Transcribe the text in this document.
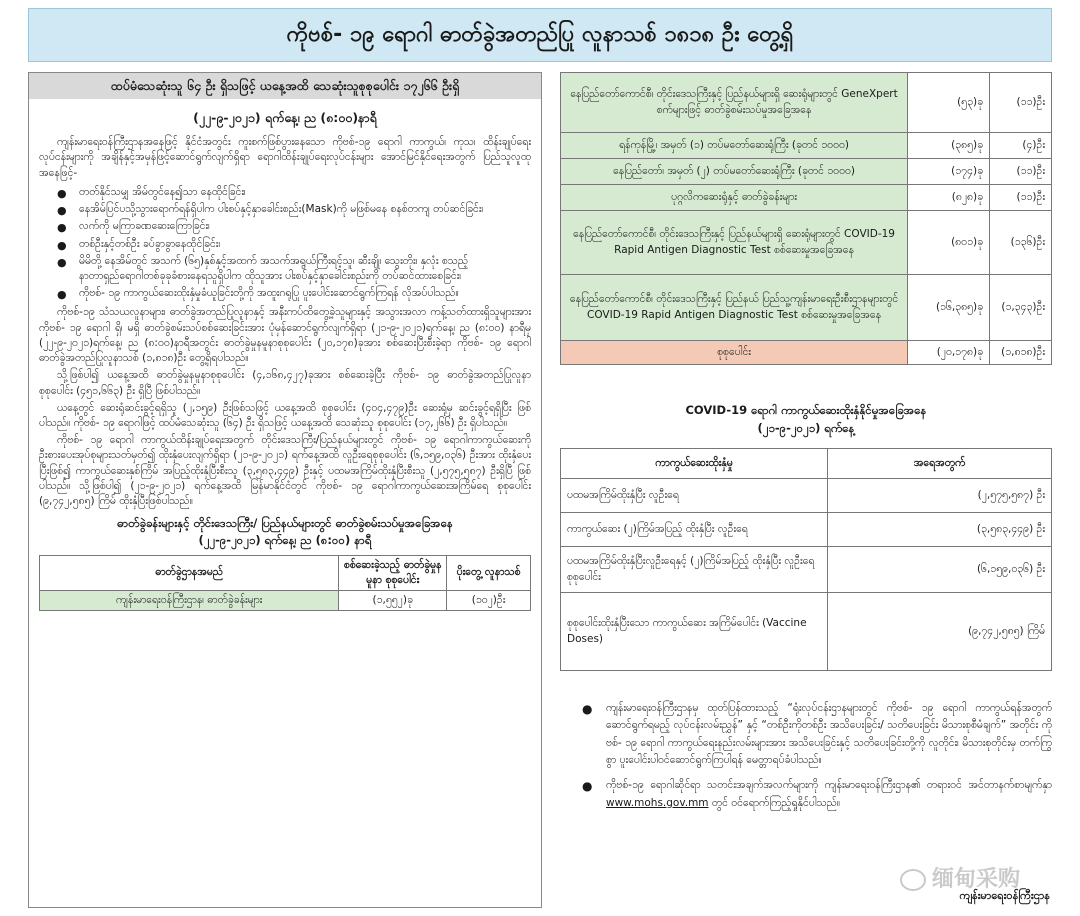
ကိုဗစ်- ၁၉ ရောဂါ ဓာတ်ခွဲအတည်ပြု လူနာသစ် ၁၈၁၈ ဦး တွေ့ရှိ
ထပ်မံသေဆုံးသူ ၆၄ ဦး ရှိသဖြင့် ယနေ့အထိ သေဆုံးသူစုစုပေါင်း ၁၇၂၆၆ ဦးရှိ
(၂၂-၉-၂၀၂၁) ရက်နေ့၊ ည (၈:၀၀)နာရီ

ကျန်းမာရေးဝန်ကြီးဌာနအနေဖြင့် နိုင်ငံအတွင်း ကူးစက်ဖြစ်ပွားနေသော ကိုဗစ်-၁၉ ရောဂါ ကာကွယ်၊ ကုသ၊ ထိန်းချုပ်ရေးလုပ်ငန်းများကို အချိန်နှင့်အမှန်ဖြင့်ဆောင်ရွက်လျက်ရှိရာ ရောဂါထိန်းချုပ်ရေးလုပ်ငန်းများ အောင်မြင်နိုင်ရေးအတွက် ပြည်သူလူထုအနေဖြင့်-

● တတ်နိုင်သမျှ အိမ်တွင်နေ၍သာ နေထိုင်ခြင်း၊
● နေအိမ်ပြင်ပသို့သွားရောက်ရန်ရှိပါက ပါးစပ်နှင့်နှာခေါင်းစည်း(Mask)ကို မဖြစ်မနေ စနစ်တကျ တပ်ဆင်ခြင်း၊
● လက်ကို မကြာခဏဆေးကြောခြင်း၊
● တစ်ဦးနှင့်တစ်ဦး ခပ်ခွာခွာနေထိုင်ခြင်း၊
● မိမိတို့ နေအိမ်တွင် အသက် (၆၅)နှစ်နှင့်အထက် အသက်အရွယ်ကြီးရင့်သူ၊ ဆီးချို၊ သွေးတိုး၊ နှလုံး စသည့် နာတာရှည်ရောဂါတစ်ခုခုခံစားနေရသူရှိပါက ထိုသူအား ပါးစပ်နှင့်နှာခေါင်းစည်းကို တပ်ဆင်ထားစေခြင်း၊
● ကိုဗစ်- ၁၉ ကာကွယ်ဆေးထိုးနှံမှုခံယူခြင်းတို့ကို အထူးဂရုပြု ပူးပေါင်းဆောင်ရွက်ကြရန် လိုအပ်ပါသည်။

ကိုဗစ်-၁၉ သံသယလူနာများ၊ ဓာတ်ခွဲအတည်ပြုလူနာနှင့် အနီးကပ်ထိတွေ့ခဲ့သူများနှင့် အသွားအလာ ကန့်သတ်ထားရှိသူများအား ကိုဗစ်- ၁၉ ရောဂါ ရှိ၊ မရှိ ဓာတ်ခွဲစမ်းသပ်စစ်ဆေးခြင်းအား ပုံမှန်ဆောင်ရွက်လျက်ရှိရာ (၂၁-၉-၂၀၂၁)ရက်နေ့၊ ည (၈:၀၀) နာရီမှ (၂၂-၉-၂၀၂၁)ရက်နေ့၊ ည (၈:၀၀)နာရီအတွင်း ဓာတ်ခွဲမှုနမူနာစုစုပေါင်း (၂၀,၁၇၈)ခုအား စစ်ဆေးပြီးစီးခဲ့ရာ ကိုဗစ်- ၁၉ ရောဂါ ဓာတ်ခွဲအတည်ပြုလူနာသစ် (၁,၈၁၈)ဦး တွေ့ရှိရပါသည်။

သို့ဖြစ်ပါ၍ ယနေ့အထိ ဓာတ်ခွဲမှုနမူနာစုစုပေါင်း (၄,၁၆၈,၄၂၇)ခုအား စစ်ဆေးခဲ့ပြီး ကိုဗစ်- ၁၉ ဓာတ်ခွဲအတည်ပြုလူနာ စုစုပေါင်း (၄၅၁,၆၆၃) ဦး ရှိပြီ ဖြစ်ပါသည်။

ယနေ့တွင် ဆေးရုံဆင်းခွင့်ရရှိသူ (၂,၁၅၉) ဦးဖြစ်သဖြင့် ယနေ့အထိ စုစုပေါင်း (၄၀၄,၄၇၉)ဦး ဆေးရုံမှ ဆင်းခွင့်ရရှိပြီး ဖြစ်ပါသည်။ ကိုဗစ်- ၁၉ ရောဂါဖြင့် ထပ်မံသေဆုံးသူ (၆၄) ဦး ရှိသဖြင့် ယနေ့အထိ သေဆုံးသူ စုစုပေါင်း (၁၇,၂၆၆) ဦး ရှိပါသည်။

ကိုဗစ်- ၁၉ ရောဂါ ကာကွယ်ထိန်းချုပ်ရေးအတွက် တိုင်းဒေသကြီး/ပြည်နယ်များတွင် ကိုဗစ်- ၁၉ ရောဂါကာကွယ်ဆေးကို ဦးစားပေးအုပ်စုများသတ်မှတ်၍ ထိုးနှံပေးလျက်ရှိရာ (၂၁-၉-၂၀၂၁) ရက်နေ့အထိ လူဦးရေစုစုပေါင်း (၆,၁၅၉,၀၃၆) ဦးအား ထိုးနှံပေးပြီးဖြစ်၍ ကာကွယ်ဆေးနှစ်ကြိမ် အပြည့်ထိုးနှံပြီးစီးသူ (၃,၅၈၃,၄၄၉) ဦးနှင့် ပထမအကြိမ်ထိုးနှံပြီးစီးသူ (၂,၅၇၅,၅၈၇) ဦးရှိပြီ ဖြစ်ပါသည်။ သို့ဖြစ်ပါ၍ (၂၁-၉-၂၀၂၁) ရက်နေ့အထိ မြန်မာနိုင်ငံတွင် ကိုဗစ်- ၁၉ ရောဂါကာကွယ်ဆေးအကြိမ်ရေ စုစုပေါင်း (၉,၇၄၂,၅၈၅) ကြိမ် ထိုးနှံပြီးဖြစ်ပါသည်။

ဓာတ်ခွဲခန်းများနှင့် တိုင်းဒေသကြီး/ ပြည်နယ်များတွင် ဓာတ်ခွဲစမ်းသပ်မှုအခြေအနေ
(၂၂-၉-၂၀၂၁) ရက်နေ့၊ ည (၈:၀၀) နာရီ
ဓာတ်ခွဲဌာနအမည်	စစ်ဆေးခဲ့သည့် ဓာတ်ခွဲမှုနမူနာ စုစုပေါင်း	ပိုးတွေ့ လူနာသစ်
ကျန်းမာရေးဝန်ကြီးဌာန၊ ဓာတ်ခွဲခန်းများ	(၁,၅၅၂)ခု	(၁၀၂)ဦး
နေပြည်တော်ကောင်စီ၊ တိုင်းဒေသကြီးနှင့် ပြည်နယ်များရှိ ဆေးရုံများတွင် GeneXpert စက်များဖြင့် ဓာတ်ခွဲစမ်းသပ်မှုအခြေအနေ	(၅၃)ခု	(၁၁)ဦး
ရန်ကုန်မြို့၊ အမှတ် (၁) တပ်မတော်ဆေးရုံကြီး (ခုတင် ၁၀၀၀)	(၃၈၅)ခု	(၄)ဦး
နေပြည်တော်၊ အမှတ် (၂) တပ်မတော်ဆေးရုံကြီး (ခုတင် ၁၀၀၀)	(၁၇၄)ခု	(၁၁)ဦး
ပုဂ္ဂလိကဆေးရုံနှင့် ဓာတ်ခွဲခန်းများ	(၈၂၈)ခု	(၁၁)ဦး
နေပြည်တော်ကောင်စီ၊ တိုင်းဒေသကြီးနှင့် ပြည်နယ်များရှိ ဆေးရုံများတွင် COVID-19 Rapid Antigen Diagnostic Test စစ်ဆေးမှုအခြေအနေ	(၈၀၁)ခု	(၁၃၆)ဦး
နေပြည်တော်ကောင်စီ၊ တိုင်းဒေသကြီးနှင့် ပြည်နယ် ပြည်သူ့ကျန်းမာရေးဦးစီးဌာနများတွင် COVID-19 Rapid Antigen Diagnostic Test စစ်ဆေးမှုအခြေအနေ	(၁၆,၃၈၅)ခု	(၁,၃၄၃)ဦး
စုစုပေါင်း	(၂၀,၁၇၈)ခု	(၁,၈၁၈)ဦး
COVID-19 ရောဂါ ကာကွယ်ဆေးထိုးနှံနိုင်မှုအခြေအနေ
(၂၁-၉-၂၀၂၁) ရက်နေ့
ကာကွယ်ဆေးထိုးနှံမှု	အရေအတွက်
ပထမအကြိမ်ထိုးနှံပြီး လူဦးရေ	(၂,၅၇၅,၅၈၇) ဦး
ကာကွယ်ဆေး (၂)ကြိမ်အပြည့် ထိုးနှံပြီး လူဦးရေ	(၃,၅၈၃,၄၄၉) ဦး
ပထမအကြိမ်ထိုးနှံပြီးလူဦးရေနှင့် (၂)ကြိမ်အပြည့် ထိုးနှံပြီး လူဦးရေစုစုပေါင်း	(၆,၁၅၉,၀၃၆) ဦး
စုစုပေါင်းထိုးနှံပြီးသော ကာကွယ်ဆေး အကြိမ်ပေါင်း (Vaccine Doses)	(၉,၇၄၂,၅၈၅) ကြိမ်
● ကျန်းမာရေးဝန်ကြီးဌာနမှ ထုတ်ပြန်ထားသည့် “ရုံးလုပ်ငန်းဌာနများတွင် ကိုဗစ်- ၁၉ ရောဂါ ကာကွယ်ရန်အတွက် ဆောင်ရွက်ရမည့် လုပ်ငန်းလမ်းညွှန်” နှင့် “တစ်ဦးကိုတစ်ဦး အသိပေးခြင်း/ သတိပေးခြင်း မိသားစုစီမံချက်” အတိုင်း ကိုဗစ်- ၁၉ ရောဂါ ကာကွယ်ရေးနည်းလမ်းများအား အသိပေးခြင်းနှင့် သတိပေးခြင်းတို့ကို လူတိုင်း၊ မိသားစုတိုင်းမှ တက်ကြွစွာ ပူးပေါင်းပါဝင်ဆောင်ရွက်ကြပါရန် မေတ္တာရပ်ခံပါသည်။
● ကိုဗစ်-၁၉ ရောဂါဆိုင်ရာ သတင်းအချက်အလက်များကို ကျန်းမာရေးဝန်ကြီးဌာန၏ တရားဝင် အင်တာနက်စာမျက်နှာ www.mohs.gov.mm တွင် ဝင်ရောက်ကြည့်ရှုနိုင်ပါသည်။
缅甸采购
ကျန်းမာရေးဝန်ကြီးဌာန
